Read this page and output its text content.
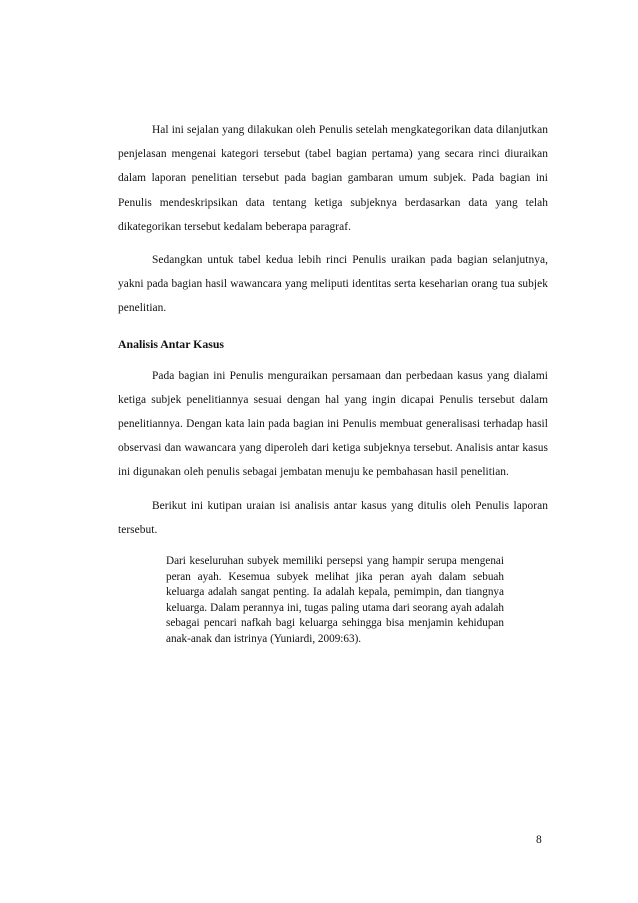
Hal ini sejalan yang dilakukan oleh Penulis setelah mengkategorikan data dilanjutkan penjelasan mengenai kategori tersebut (tabel bagian pertama) yang secara rinci diuraikan dalam laporan penelitian tersebut pada bagian gambaran umum subjek. Pada bagian ini Penulis mendeskripsikan data tentang ketiga subjeknya berdasarkan data yang telah dikategorikan tersebut kedalam beberapa paragraf.

Sedangkan untuk tabel kedua lebih rinci Penulis uraikan pada bagian selanjutnya, yakni pada bagian hasil wawancara yang meliputi identitas serta keseharian orang tua subjek penelitian.

Analisis Antar Kasus

Pada bagian ini Penulis menguraikan persamaan dan perbedaan kasus yang dialami ketiga subjek penelitiannya sesuai dengan hal yang ingin dicapai Penulis tersebut dalam penelitiannya. Dengan kata lain pada bagian ini Penulis membuat generalisasi terhadap hasil observasi dan wawancara yang diperoleh dari ketiga subjeknya tersebut. Analisis antar kasus ini digunakan oleh penulis sebagai jembatan menuju ke pembahasan hasil penelitian.

Berikut ini kutipan uraian isi analisis antar kasus yang ditulis oleh Penulis laporan tersebut.

Dari keseluruhan subyek memiliki persepsi yang hampir serupa mengenai peran ayah. Kesemua subyek melihat jika peran ayah dalam sebuah keluarga adalah sangat penting. Ia adalah kepala, pemimpin, dan tiangnya keluarga. Dalam perannya ini, tugas paling utama dari seorang ayah adalah sebagai pencari nafkah bagi keluarga sehingga bisa menjamin kehidupan anak-anak dan istrinya (Yuniardi, 2009:63).

8
